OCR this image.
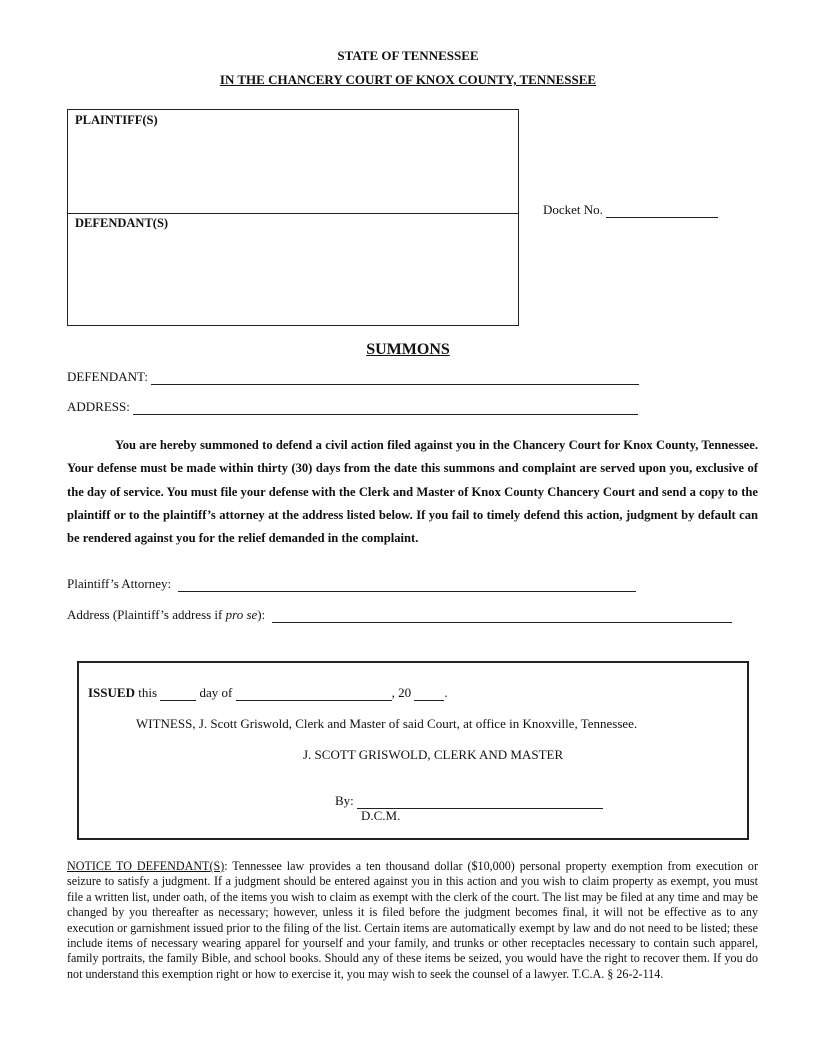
STATE OF TENNESSEE
IN THE CHANCERY COURT OF KNOX COUNTY, TENNESSEE
PLAINTIFF(S)
DEFENDANT(S)
Docket No.
SUMMONS
DEFENDANT:
ADDRESS:

You are hereby summoned to defend a civil action filed against you in the Chancery Court for Knox County, Tennessee. Your defense must be made within thirty (30) days from the date this summons and complaint are served upon you, exclusive of the day of service. You must file your defense with the Clerk and Master of Knox County Chancery Court and send a copy to the plaintiff or to the plaintiff’s attorney at the address listed below. If you fail to timely defend this action, judgment by default can be rendered against you for the relief demanded in the complaint.

Plaintiff’s Attorney:
Address (Plaintiff’s address if pro se):
ISSUED this	day of	, 20	.
WITNESS, J. Scott Griswold, Clerk and Master of said Court, at office in Knoxville, Tennessee.
J. SCOTT GRISWOLD, CLERK AND MASTER
By:
D.C.M.

NOTICE TO DEFENDANT(S): Tennessee law provides a ten thousand dollar ($10,000) personal property exemption from execution or seizure to satisfy a judgment. If a judgment should be entered against you in this action and you wish to claim property as exempt, you must file a written list, under oath, of the items you wish to claim as exempt with the clerk of the court. The list may be filed at any time and may be changed by you thereafter as necessary; however, unless it is filed before the judgment becomes final, it will not be effective as to any execution or garnishment issued prior to the filing of the list. Certain items are automatically exempt by law and do not need to be listed; these include items of necessary wearing apparel for yourself and your family, and trunks or other receptacles necessary to contain such apparel, family portraits, the family Bible, and school books. Should any of these items be seized, you would have the right to recover them. If you do not understand this exemption right or how to exercise it, you may wish to seek the counsel of a lawyer. T.C.A. § 26-2-114.
